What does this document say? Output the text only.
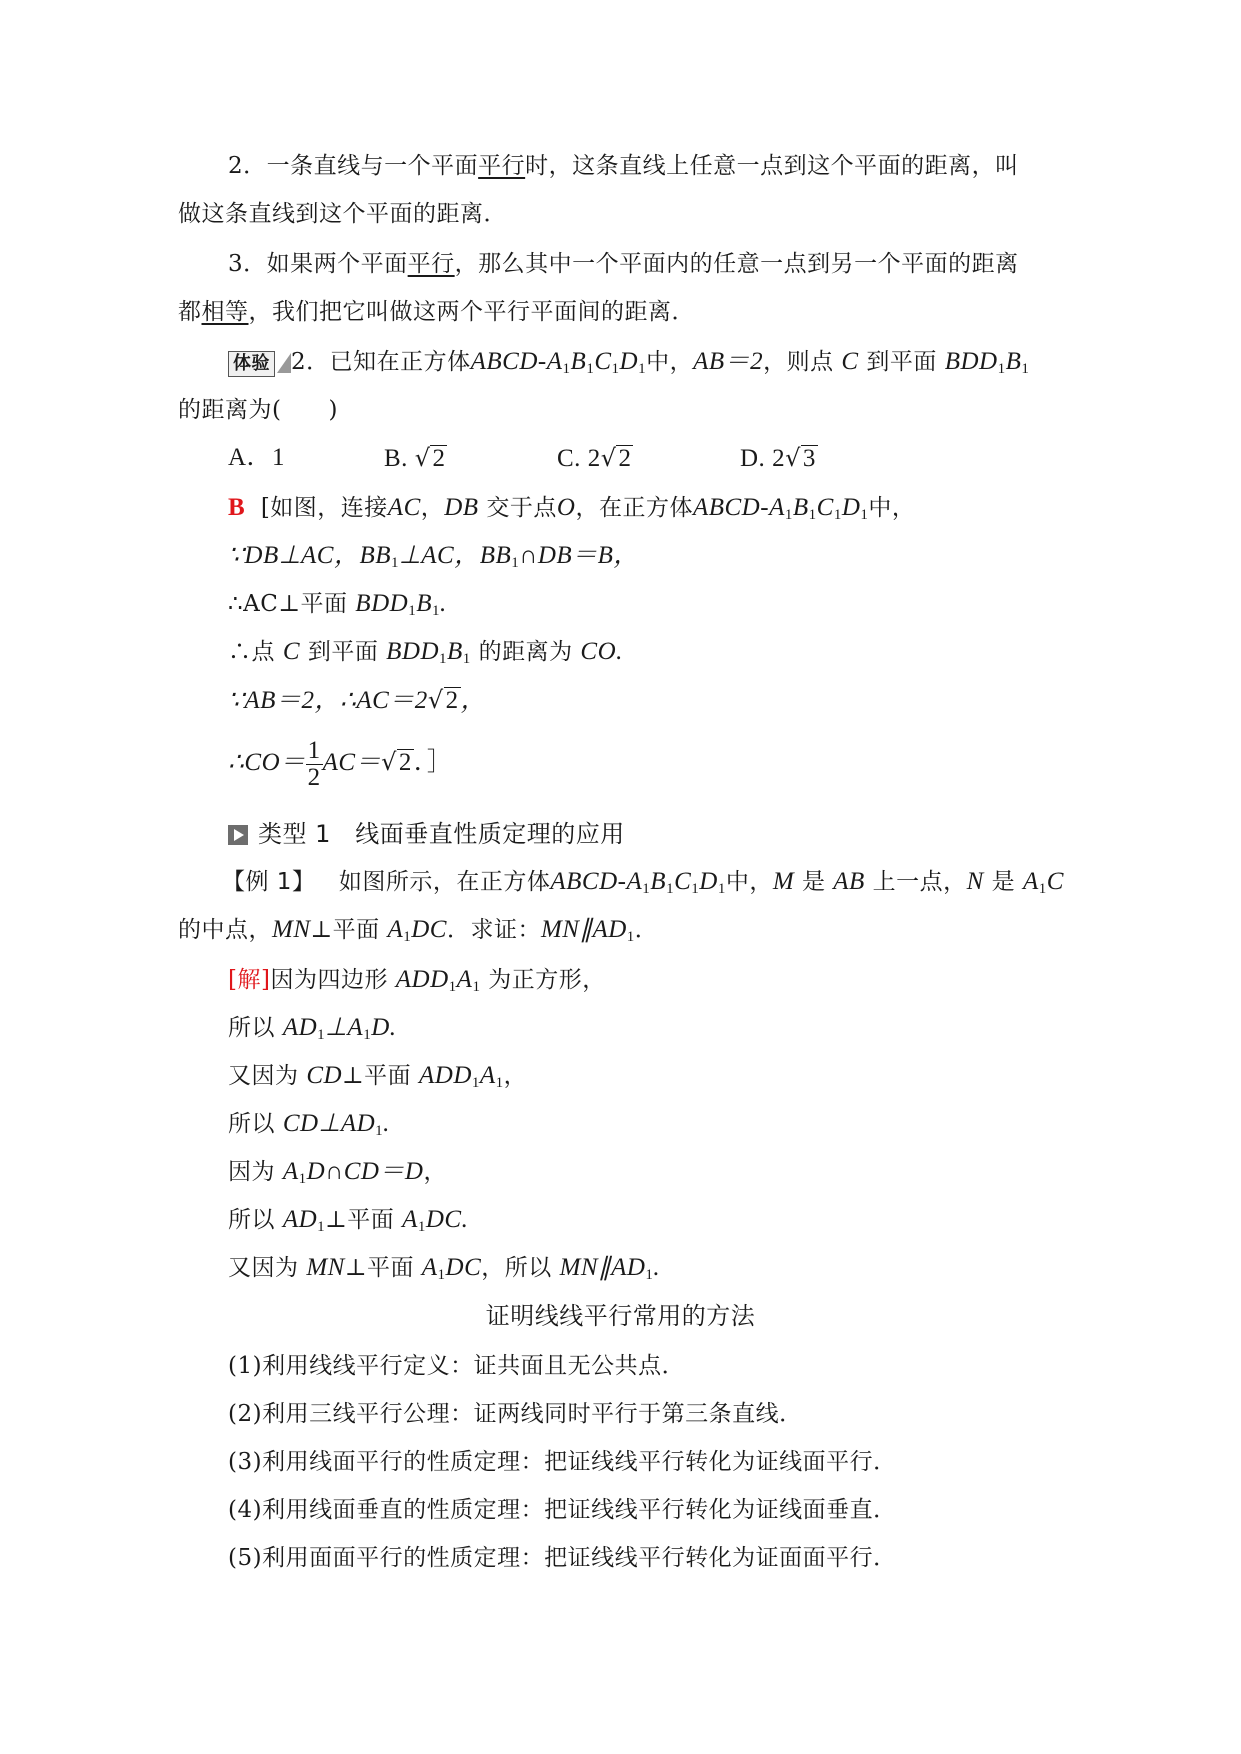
2．一条直线与一个平面平行时，这条直线上任意一点到这个平面的距离，叫
做这条直线到这个平面的距离．
3．如果两个平面平行，那么其中一个平面内的任意一点到另一个平面的距离
都相等，我们把它叫做这两个平行平面间的距离．
体验 2．已知在正方体ABCD-$A_1B_1C_1D_1$中，AB＝2，则点 C 到平面 $BDD_1B_1$
的距离为(　　)
A．1	B. √2	C. 2√2	D. 2√3
B [如图，连接AC，DB 交于点O，在正方体ABCD-$A_1B_1C_1D_1$中，
∵DB⊥AC，$BB_1\perp AC$，$BB_1\cap DB=B$，
∴AC⊥平面 $BDD_1B_1$.
∴点 C 到平面 $BDD_1B_1$ 的距离为 CO.
∵AB＝2，∴AC＝2√2，
∴CO＝ $\frac{1}{2} AC=√2$．］
类型 1 线面垂直性质定理的应用
【例 1】 如图所示，在正方体ABCD-$A_1B_1C_1D_1$中，M 是 AB 上一点，N 是 $A_1C$
的中点，MN⊥平面 $A_1DC$．求证：$MN\parallel AD_1$．
[解]因为四边形 $ADD_1A_1$ 为正方形，
所以 $AD_1\perp A_1D$.
又因为 CD⊥平面 $ADD_1A_1$，
所以 $CD\perp AD_1$.
因为 $A_1D\cap CD=D$，
所以 $AD_1\perp$平面 $A_1DC$.
又因为 MN⊥平面 $A_1DC$，所以 $MN\parallel AD_1$.
证明线线平行常用的方法
(1)利用线线平行定义：证共面且无公共点．
(2)利用三线平行公理：证两线同时平行于第三条直线．
(3)利用线面平行的性质定理：把证线线平行转化为证线面平行．
(4)利用线面垂直的性质定理：把证线线平行转化为证线面垂直．
(5)利用面面平行的性质定理：把证线线平行转化为证面面平行．
